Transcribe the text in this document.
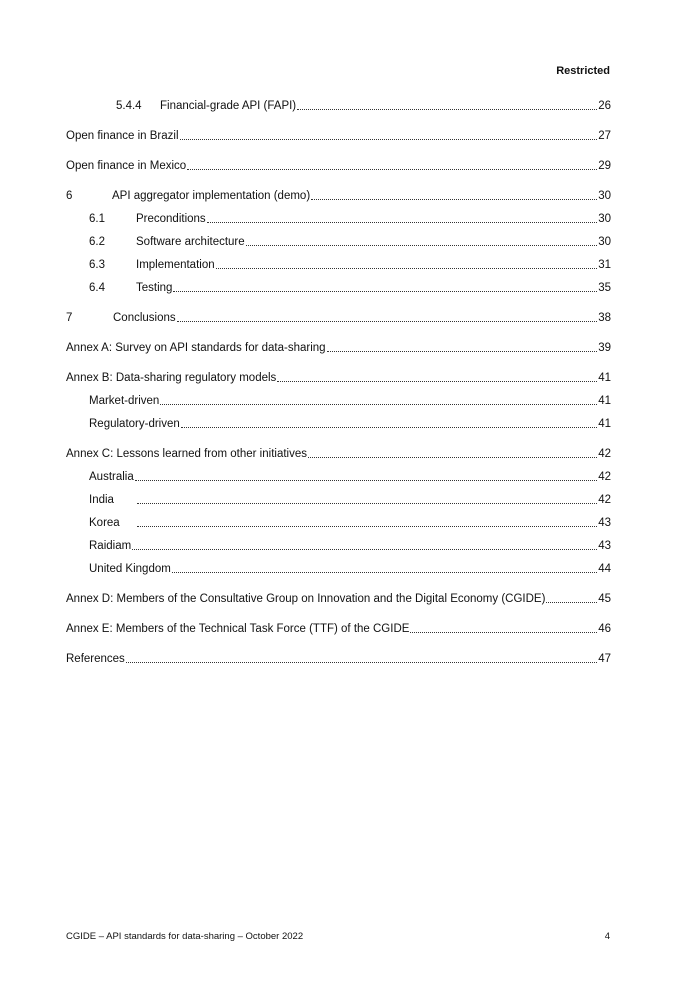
Restricted
5.4.4	Financial-grade API (FAPI)	26
Open finance in Brazil	27
Open finance in Mexico	29
6	API aggregator implementation (demo)	30
6.1	Preconditions	30
6.2	Software architecture	30
6.3	Implementation	31
6.4	Testing	35
7	Conclusions	38
Annex A: Survey on API standards for data-sharing	39
Annex B: Data-sharing regulatory models	41
Market-driven	41
Regulatory-driven	41
Annex C: Lessons learned from other initiatives	42
Australia	42
India	42
Korea	43
Raidiam	43
United Kingdom	44
Annex D: Members of the Consultative Group on Innovation and the Digital Economy (CGIDE)	45
Annex E: Members of the Technical Task Force (TTF) of the CGIDE	46
References	47
CGIDE – API standards for data-sharing – October 2022	4
